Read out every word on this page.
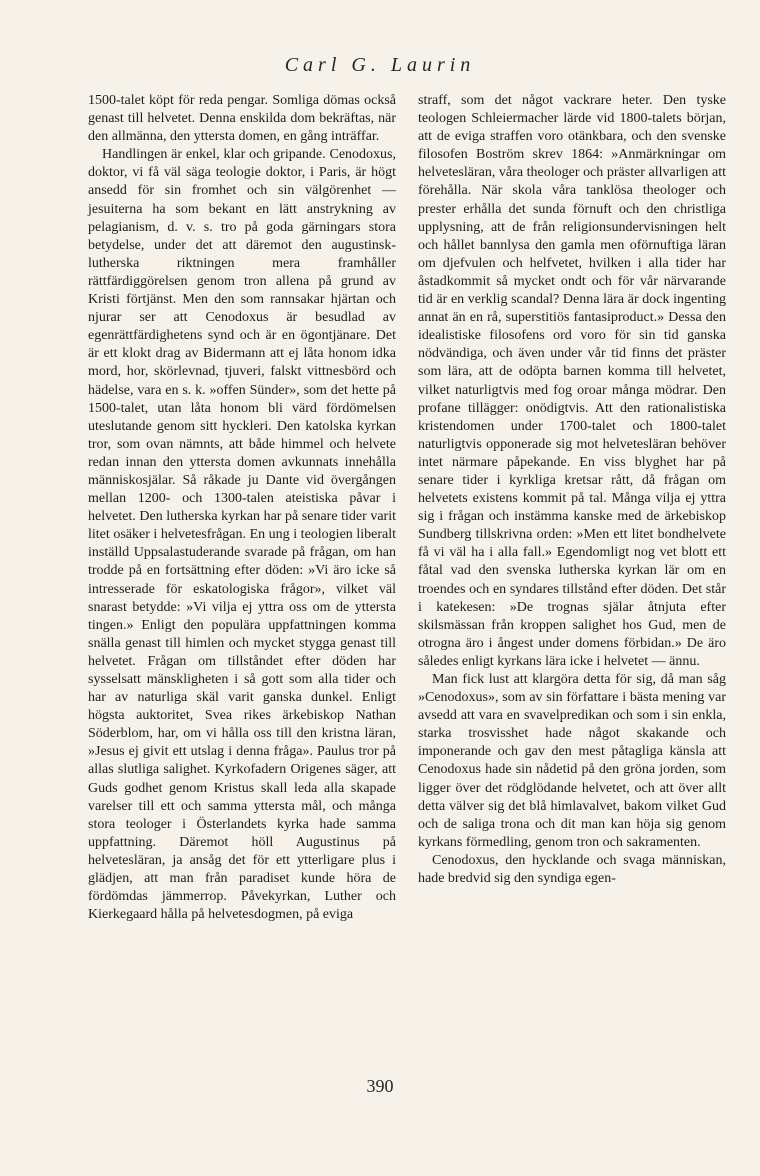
Carl G. Laurin

1500-talet köpt för reda pengar. Somliga dömas också genast till helvetet. Denna enskilda dom bekräftas, när den allmänna, den yttersta domen, en gång inträffar.

Handlingen är enkel, klar och gripande. Cenodoxus, doktor, vi få väl säga teologie doktor, i Paris, är högt ansedd för sin fromhet och sin välgörenhet — jesuiterna ha som bekant en lätt anstrykning av pelagianism, d. v. s. tro på goda gärningars stora betydelse, under det att däremot den augustinsk-lutherska riktningen mera framhåller rättfärdiggörelsen genom tron allena på grund av Kristi förtjänst. Men den som rannsakar hjärtan och njurar ser att Cenodoxus är besudlad av egenrättfärdighetens synd och är en ögontjänare. Det är ett klokt drag av Bidermann att ej låta honom idka mord, hor, skörlevnad, tjuveri, falskt vittnesbörd och hädelse, vara en s. k. »offen Sünder», som det hette på 1500-talet, utan låta honom bli värd fördömelsen uteslutande genom sitt hyckleri. Den katolska kyrkan tror, som ovan nämnts, att både himmel och helvete redan innan den yttersta domen avkunnats innehålla människosjälar. Så råkade ju Dante vid övergången mellan 1200- och 1300-talen ateistiska påvar i helvetet. Den lutherska kyrkan har på senare tider varit litet osäker i helvetesfrågan. En ung i teologien liberalt inställd Uppsalastuderande svarade på frågan, om han trodde på en fortsättning efter döden: »Vi äro icke så intresserade för eskatologiska frågor», vilket väl snarast betydde: »Vi vilja ej yttra oss om de yttersta tingen.» Enligt den populära uppfattningen komma snälla genast till himlen och mycket stygga genast till helvetet. Frågan om tillståndet efter döden har sysselsatt mänskligheten i så gott som alla tider och har av naturliga skäl varit ganska dunkel. Enligt högsta auktoritet, Svea rikes ärkebiskop Nathan Söderblom, har, om vi hålla oss till den kristna läran, »Jesus ej givit ett utslag i denna fråga». Paulus tror på allas slutliga salighet. Kyrkofadern Origenes säger, att Guds godhet genom Kristus skall leda alla skapade varelser till ett och samma yttersta mål, och många stora teologer i Österlandets kyrka hade samma uppfattning. Däremot höll Augustinus på helvetesläran, ja ansåg det för ett ytterligare plus i glädjen, att man från paradiset kunde höra de fördömdas jämmerrop. Påvekyrkan, Luther och Kierkegaard hålla på helvetesdogmen, på eviga

straff, som det något vackrare heter. Den tyske teologen Schleiermacher lärde vid 1800-talets början, att de eviga straffen voro otänkbara, och den svenske filosofen Boström skrev 1864: »Anmärkningar om helvetesläran, våra theologer och präster allvarligen att förehålla. När skola våra tanklösa theologer och prester erhålla det sunda förnuft och den christliga upplysning, att de från religionsundervisningen helt och hållet bannlysa den gamla men oförnuftiga läran om djefvulen och helfvetet, hvilken i alla tider har åstadkommit så mycket ondt och för vår närvarande tid är en verklig scandal? Denna lära är dock ingenting annat än en rå, superstitiös fantasiproduct.» Dessa den idealistiske filosofens ord voro för sin tid ganska nödvändiga, och även under vår tid finns det präster som lära, att de odöpta barnen komma till helvetet, vilket naturligtvis med fog oroar många mödrar. Den profane tillägger: onödigtvis. Att den rationalistiska kristendomen under 1700-talet och 1800-talet naturligtvis opponerade sig mot helvetesläran behöver intet närmare påpekande. En viss blyghet har på senare tider i kyrkliga kretsar rått, då frågan om helvetets existens kommit på tal. Många vilja ej yttra sig i frågan och instämma kanske med de ärkebiskop Sundberg tillskrivna orden: »Men ett litet bondhelvete få vi väl ha i alla fall.» Egendomligt nog vet blott ett fåtal vad den svenska lutherska kyrkan lär om en troendes och en syndares tillstånd efter döden. Det står i katekesen: »De trognas själar åtnjuta efter skilsmässan från kroppen salighet hos Gud, men de otrogna äro i ångest under domens förbidan.» De äro således enligt kyrkans lära icke i helvetet — ännu.

Man fick lust att klargöra detta för sig, då man såg »Cenodoxus», som av sin författare i bästa mening var avsedd att vara en svavelpredikan och som i sin enkla, starka trosvisshet hade något skakande och imponerande och gav den mest påtagliga känsla att Cenodoxus hade sin nådetid på den gröna jorden, som ligger över det rödglödande helvetet, och att över allt detta välver sig det blå himlavalvet, bakom vilket Gud och de saliga trona och dit man kan höja sig genom kyrkans förmedling, genom tron och sakramenten.

Cenodoxus, den hycklande och svaga människan, hade bredvid sig den syndiga egen-

390
